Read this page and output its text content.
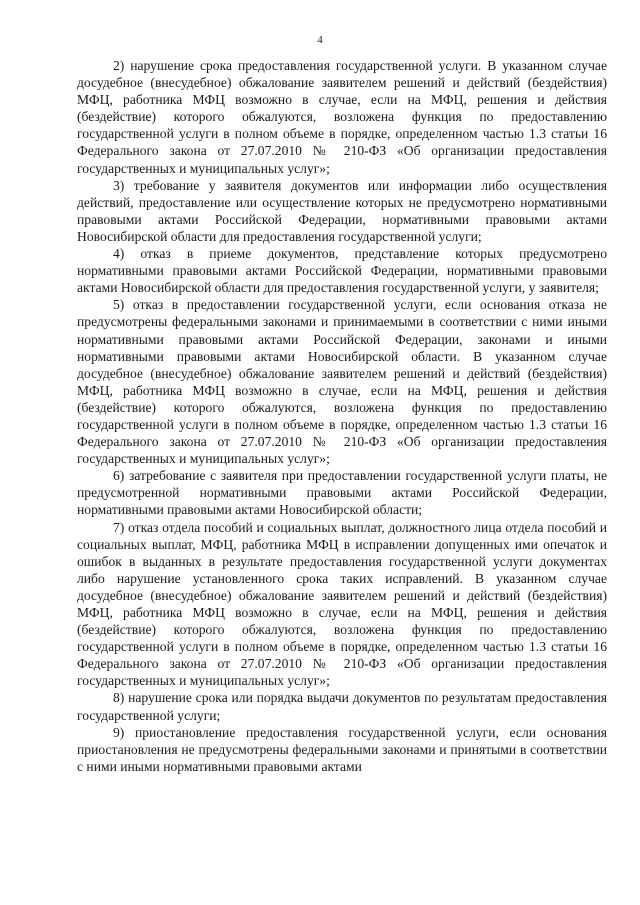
4

2) нарушение срока предоставления государственной услуги. В указанном случае досудебное (внесудебное) обжалование заявителем решений и действий (бездействия) МФЦ, работника МФЦ возможно в случае, если на МФЦ, решения и действия (бездействие) которого обжалуются, возложена функция по предоставлению государственной услуги в полном объеме в порядке, определенном частью 1.3 статьи 16 Федерального закона от 27.07.2010 № 210-ФЗ «Об организации предоставления государственных и муниципальных услуг»;

3) требование у заявителя документов или информации либо осуществления действий, предоставление или осуществление которых не предусмотрено нормативными правовыми актами Российской Федерации, нормативными правовыми актами Новосибирской области для предоставления государственной услуги;

4) отказ в приеме документов, представление которых предусмотрено нормативными правовыми актами Российской Федерации, нормативными правовыми актами Новосибирской области для предоставления государственной услуги, у заявителя;

5) отказ в предоставлении государственной услуги, если основания отказа не предусмотрены федеральными законами и принимаемыми в соответствии с ними иными нормативными правовыми актами Российской Федерации, законами и иными нормативными правовыми актами Новосибирской области. В указанном случае досудебное (внесудебное) обжалование заявителем решений и действий (бездействия) МФЦ, работника МФЦ возможно в случае, если на МФЦ, решения и действия (бездействие) которого обжалуются, возложена функция по предоставлению государственной услуги в полном объеме в порядке, определенном частью 1.3 статьи 16 Федерального закона от 27.07.2010 № 210-ФЗ «Об организации предоставления государственных и муниципальных услуг»;

6) затребование с заявителя при предоставлении государственной услуги платы, не предусмотренной нормативными правовыми актами Российской Федерации, нормативными правовыми актами Новосибирской области;

7) отказ отдела пособий и социальных выплат, должностного лица отдела пособий и социальных выплат, МФЦ, работника МФЦ в исправлении допущенных ими опечаток и ошибок в выданных в результате предоставления государственной услуги документах либо нарушение установленного срока таких исправлений. В указанном случае досудебное (внесудебное) обжалование заявителем решений и действий (бездействия) МФЦ, работника МФЦ возможно в случае, если на МФЦ, решения и действия (бездействие) которого обжалуются, возложена функция по предоставлению государственной услуги в полном объеме в порядке, определенном частью 1.3 статьи 16 Федерального закона от 27.07.2010 № 210-ФЗ «Об организации предоставления государственных и муниципальных услуг»;

8) нарушение срока или порядка выдачи документов по результатам предоставления государственной услуги;

9) приостановление предоставления государственной услуги, если основания приостановления не предусмотрены федеральными законами и принятыми в соответствии с ними иными нормативными правовыми актами
